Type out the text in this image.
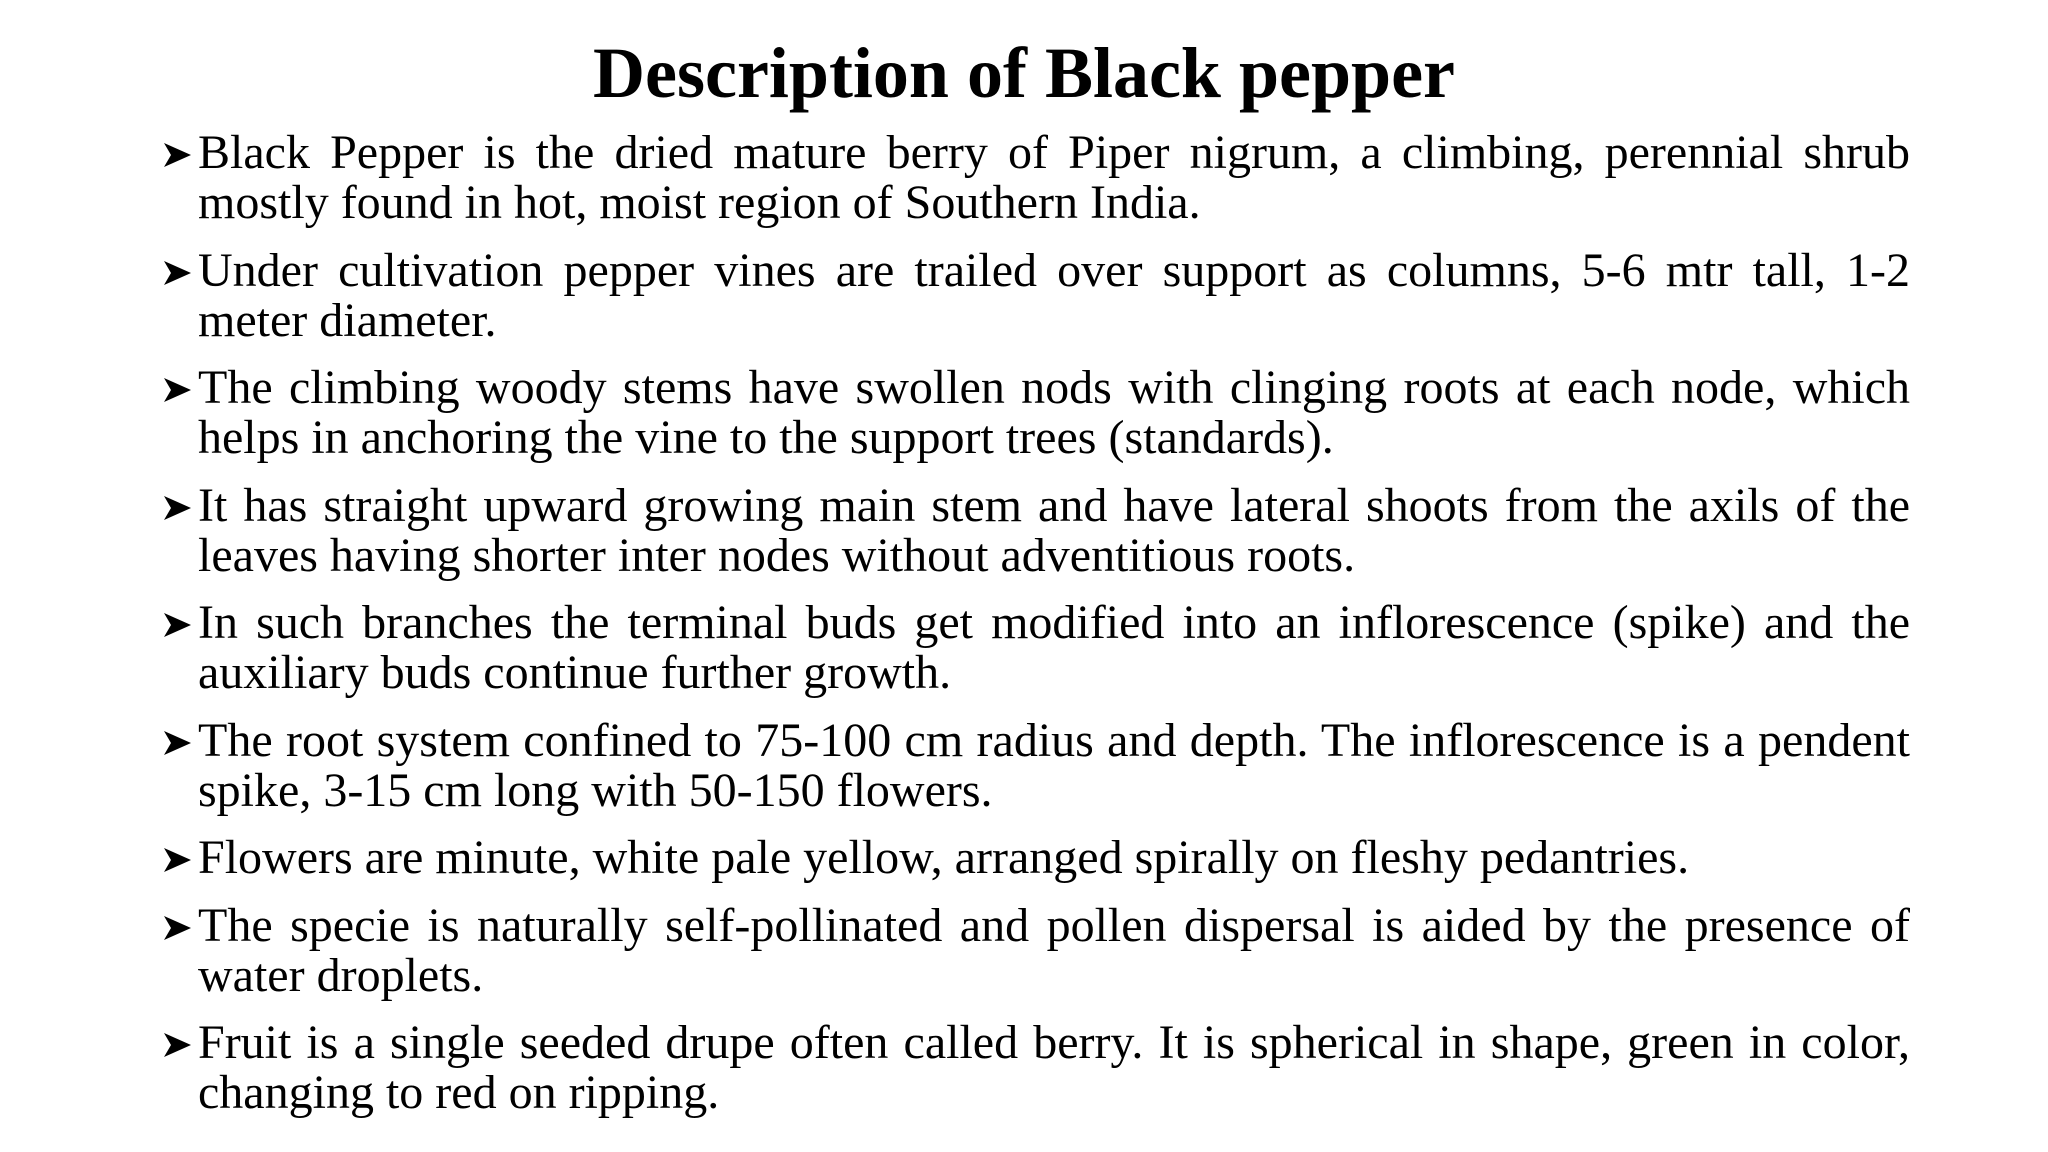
Description of Black pepper
Black Pepper is the dried mature berry of Piper nigrum, a climbing, perennial shrub mostly found in hot, moist region of Southern India.
Under cultivation pepper vines are trailed over support as columns, 5-6 mtr tall, 1-2 meter diameter.
The climbing woody stems have swollen nods with clinging roots at each node, which helps in anchoring the vine to the support trees (standards).
It has straight upward growing main stem and have lateral shoots from the axils of the leaves having shorter inter nodes without adventitious roots.
In such branches the terminal buds get modified into an inflorescence (spike) and the auxiliary buds continue further growth.
The root system confined to 75-100 cm radius and depth. The inflorescence is a pendent spike, 3-15 cm long with 50-150 flowers.
Flowers are minute, white pale yellow, arranged spirally on fleshy pedantries.
The specie is naturally self-pollinated and pollen dispersal is aided by the presence of water droplets.
Fruit is a single seeded drupe often called berry. It is spherical in shape, green in color, changing to red on ripping.
